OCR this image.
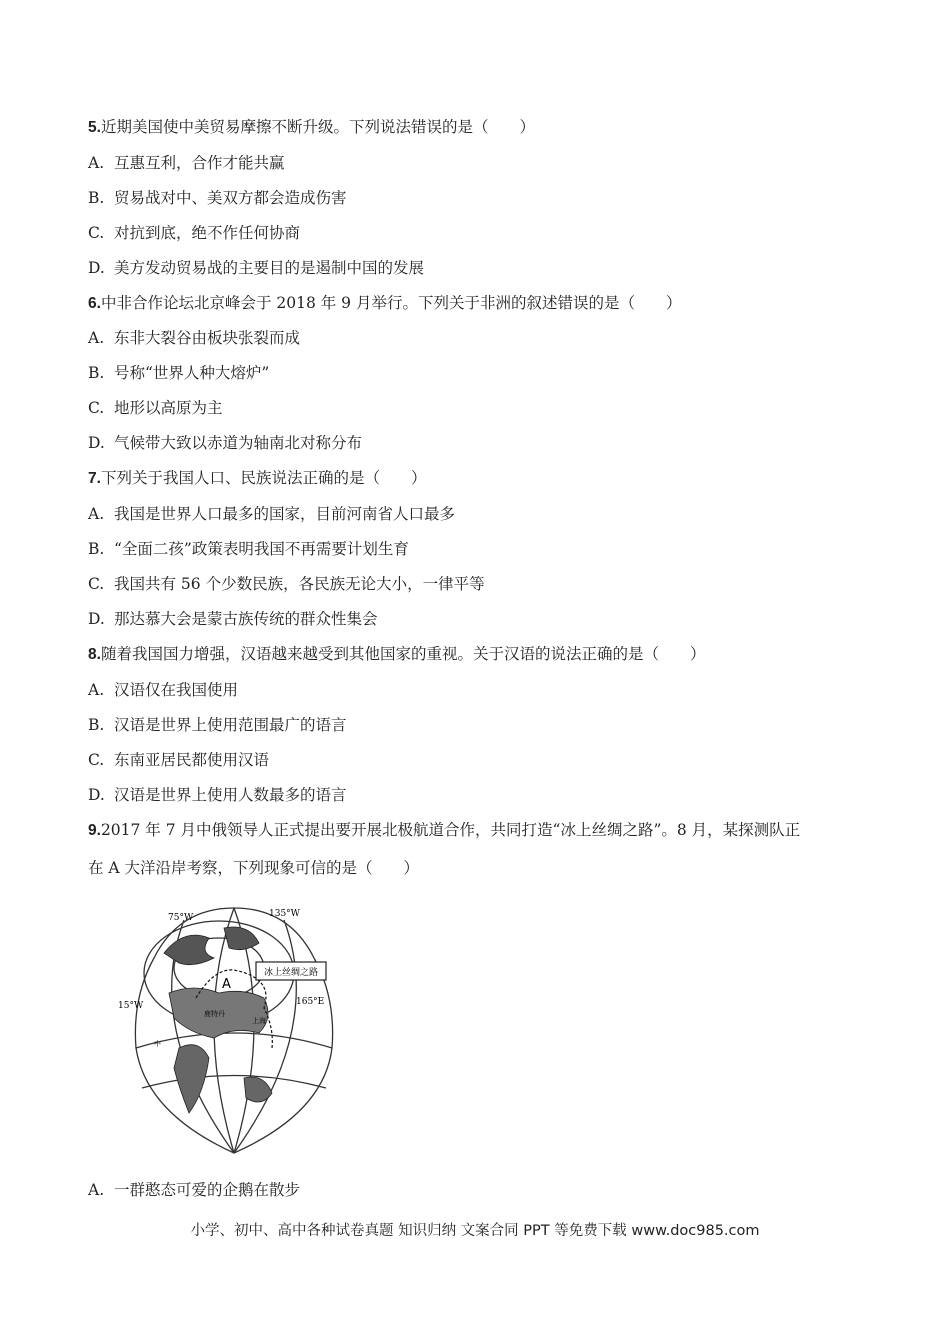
5.近期美国使中美贸易摩擦不断升级。下列说法错误的是（　　）
A. 互惠互利，合作才能共赢
B. 贸易战对中、美双方都会造成伤害
C. 对抗到底，绝不作任何协商
D. 美方发动贸易战的主要目的是遏制中国的发展
6.中非合作论坛北京峰会于 2018 年 9 月举行。下列关于非洲的叙述错误的是（　　）
A. 东非大裂谷由板块张裂而成
B. 号称“世界人种大熔炉”
C. 地形以高原为主
D. 气候带大致以赤道为轴南北对称分布
7.下列关于我国人口、民族说法正确的是（　　）
A. 我国是世界人口最多的国家，目前河南省人口最多
B. “全面二孩”政策表明我国不再需要计划生育
C. 我国共有 56 个少数民族，各民族无论大小，一律平等
D. 那达慕大会是蒙古族传统的群众性集会
8.随着我国国力增强，汉语越来越受到其他国家的重视。关于汉语的说法正确的是（　　）
A. 汉语仅在我国使用
B. 汉语是世界上使用范围最广的语言
C. 东南亚居民都使用汉语
D. 汉语是世界上使用人数最多的语言
9.2017 年 7 月中俄领导人正式提出要开展北极航道合作，共同打造“冰上丝绸之路”。8 月，某探测队正
在 A 大洋沿岸考察，下列现象可信的是（　　）
冰上丝绸之路
A
75°W	135°W
15°W	165°E
鹿特丹
上海
中
A. 一群憨态可爱的企鹅在散步
小学、初中、高中各种试卷真题 知识归纳 文案合同 PPT 等免费下载 www.doc985.com
